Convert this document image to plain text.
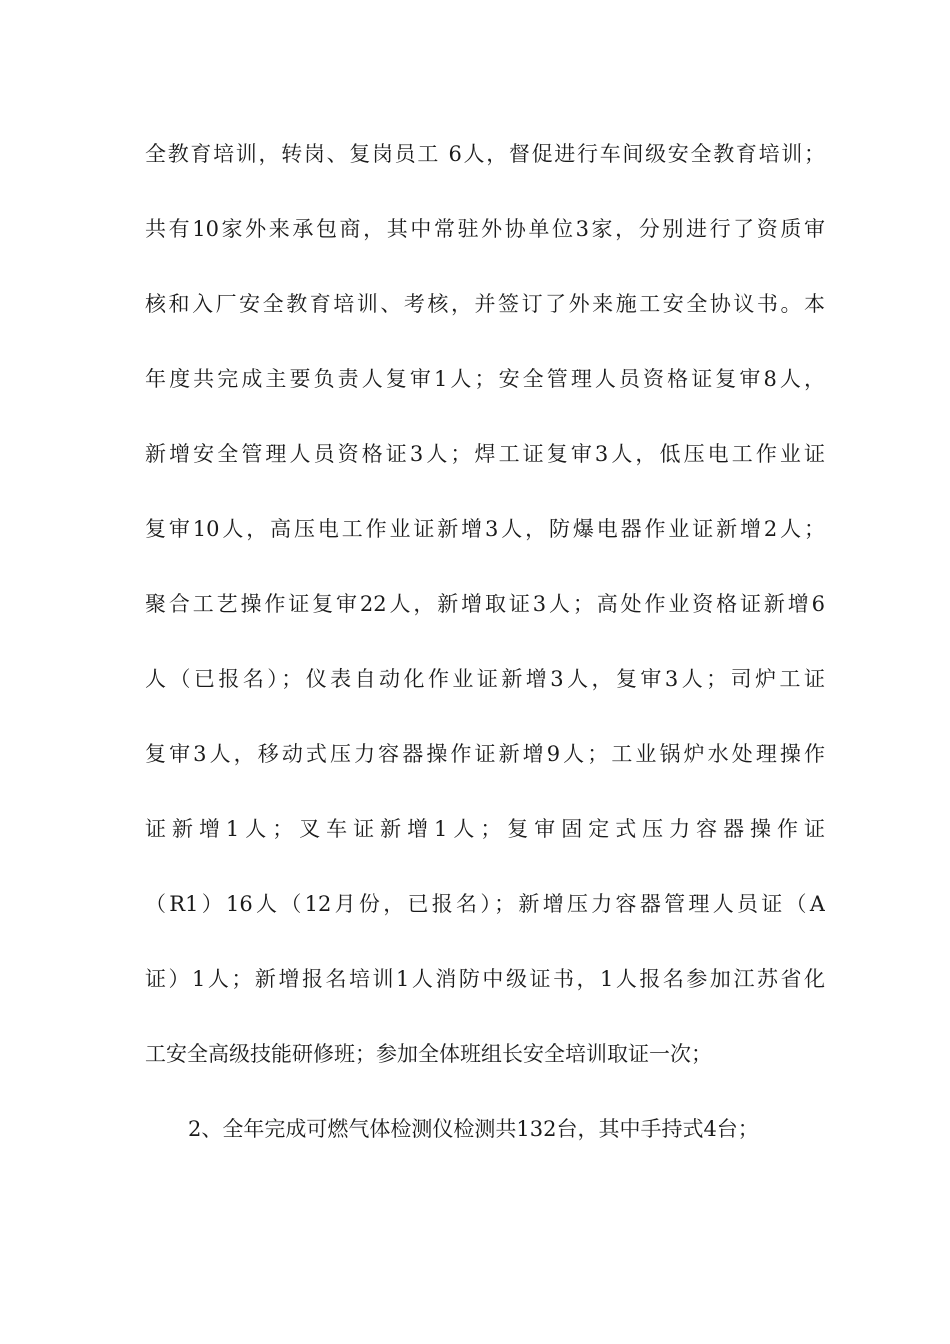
全教育培训，转岗、复岗员工 6人，督促进行车间级安全教育培训；
共有10家外来承包商，其中常驻外协单位3家，分别进行了资质审
核和入厂安全教育培训、考核，并签订了外来施工安全协议书。本
年度共完成主要负责人复审1人；安全管理人员资格证复审8人，
新增安全管理人员资格证3人；焊工证复审3人，低压电工作业证
复审10人，高压电工作业证新增3人，防爆电器作业证新增2人；
聚合工艺操作证复审22人，新增取证3人；高处作业资格证新增6
人（已报名）；仪表自动化作业证新增3人，复审3人；司炉工证
复审3人，移动式压力容器操作证新增9人；工业锅炉水处理操作
证新增1人；叉车证新增1人；复审固定式压力容器操作证
（R1）16人（12月份，已报名）；新增压力容器管理人员证（A
证）1人；新增报名培训1人消防中级证书，1人报名参加江苏省化
工安全高级技能研修班；参加全体班组长安全培训取证一次；
2、全年完成可燃气体检测仪检测共132台，其中手持式4台；
